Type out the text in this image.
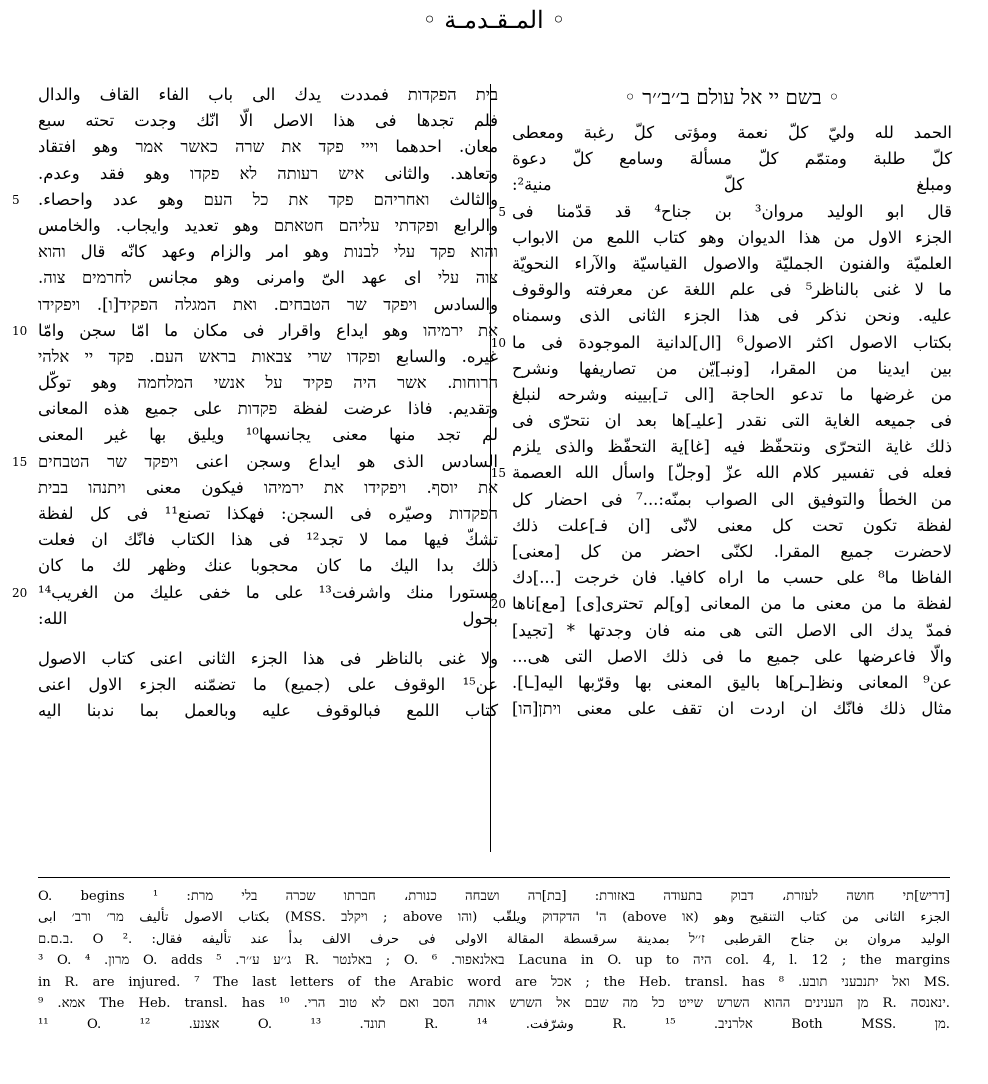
◦ المـقـدمـة ◦
◦ בשם יי אל עולם ב׳׳ב׳׳ר ◦
الحمد لله وليّ كلّ نعمة ومؤتى كلّ رغبة ومعطى
كلّ طلبة ومتمّم كلّ مسألة وسامع كلّ دعوة
ومبلغ كلّ منية²:
قال ابو الوليد مروان³ بن جناح⁴ قد قدّمنا فى
5
الجزء الاول من هذا الديوان وهو كتاب اللمع من الابواب
العلميّة والفنون الجمليّة والاصول القياسيّة والآراء النحويّة
ما لا غنى بالناظر⁵ فى علم اللغة عن معرفته والوقوف
عليه. ونحن نذكر فى هذا الجزء الثانى الذى وسمناه
بكتاب الاصول اكثر الاصول⁶ [ال]لدانية الموجودة فى ما
10
بين ايدينا من المقرا، [ونبـ]يّن من تصاريفها ونشرح
من غرضها ما تدعو الحاجة [الى تـ]بيينه وشرحه لنبلغ
فى جميعه الغاية التى نقدر [عليـ]ها بعد ان نتحرّى فى
ذلك غاية التحرّى ونتحفّظ فيه [غا]ية التحفّظ والذى يلزم
فعله فى تفسير كلام الله عزّ [وجلّ] واسأل الله العصمة
15
من الخطأ والتوفيق الى الصواب بمنّه:...⁷ فى احضار كل
لفظة تكون تحت كل معنى لانّى [ان فـ]علت ذلك
لاحضرت جميع المقرا. لكنّى احضر من كل [معنى]
الفاظا ما⁸ على حسب ما اراه كافيا. فان خرجت [...]دك
لفظة ما من معنى ما من المعانى [و]لم تحترى[ى] [مع]ناها
20
فمدّ يدك الى الاصل التى هى منه فان وجدتها * [تجيد]
والّا فاعرضها على جميع ما فى ذلك الاصل التى هى...
عن⁹ المعانى ونظ[ـر]ها باليق المعنى بها وقرّبها اليه[ـا].
مثال ذلك فانّك ان اردت ان تقف على معنى ויתן[הו]
בית הפקדות فمددت يدك الى باب الفاء القاف والدال
فلم تجدها فى هذا الاصل الّا انّك وجدت تحته سبع
معان. احدهما וייי פקד את שרה כאשר אמר وهو افتقاد
وتعاهد. والثانى איש רעותה לא פקדו وهو فقد وعدم.
والثالث ואחריהם פקד את כל העם وهو عدد واحصاء.
5
والرابع ופקדתי עליהם חטאתם وهو تعديد وايجاب. والخامس
והוא פקד עלי לבנות وهو امر والزام وعهد كانّه قال והוא
צוה עלי اى عهد الىّ وامرنى وهو مجانس לחרמים צוה.
والسادس ויפקד שר הטבחים. ואת המגלה הפקיד[ו]. ויפקידו
את ירמיהו وهو ايداع واقرار فى مكان ما امّا سجن وامّا
10
غيره. والسابع ופקדו שרי צבאות בראש העם. פקד יי אלהי
הרוחות. אשר היה פקיד על אנשי המלחמה وهو توكّل
وتقديم. فاذا عرضت لفظة פקדות على جميع هذه المعانى
لم تجد منها معنى يجانسها¹⁰ ويليق بها غير المعنى
السادس الذى هو ايداع وسجن اعنى ויפקד שר הטבחים
15
את יוסף. ויפקידו את ירמיהו فيكون معنى ויתנהו בבית
הפקדות وصيّره فى السجن: فهكذا تصنع¹¹ فى كل لفظة
تشكّ فيها مما لا تجد¹² فى هذا الكتاب فانّك ان فعلت
ذلك بدا اليك ما كان محجوبا عنك وظهر لك ما كان
مستورا منك واشرفت¹³ على ما خفى عليك من الغريب¹⁴
20
بحول الله:
ولا غنى بالناظر فى هذا الجزء الثانى اعنى كتاب الاصول
عن¹⁵ الوقوف على (جميع) ما تضمّنه الجزء الاول اعنى
كتاب اللمع فبالوقوف عليه وبالعمل بما ندبنا اليه
[דריש]תי חושה לעזרת، דבוק בתעודה באזורת: [בת]רה ושבחה כנורת، חברתו שכרה בלי מרת: ¹ O. begins
الجزء الثانى من كتاب التنقيح وهو (או above) ה' הדקדוק ويلقّب (והו above ; ויקלב .MSS) بكتاب الاصول تأليف מר׳ ורב׳ ابى
الوليد مروان بن جناح القرطبى ז׳׳ל بمدينة سرقسطة المقالة الاولى فى حرف الالف بدأ عند تأليفه فقال: .O ² .ב.ם.ם
³ O. מרון. ⁴ O. adds ג׳׳ע ע׳׳ר. ⁵ R. באלנטר ; O. באלנאפור. ⁶ Lacuna in O. up to היה col. 4, l. 12 ; the margins
in R. are injured. ⁷ The last letters of the Arabic word are אכל ; the Heb. transl. has ואל יתנבעני תובע. ⁸ MS.
אמא. ⁹ The Heb. transl. has מן הענינים ההוא השרש שייט כל מה שבם אל השרש אותה הסב ואם לא טוב הרי. ¹⁰ R. ינאנסה.
¹¹ O. אצנע. ¹² O. תונד. ¹³ R. وشرّفت. ¹⁴ R. אלרניב. ¹⁵ Both MSS. מן.
